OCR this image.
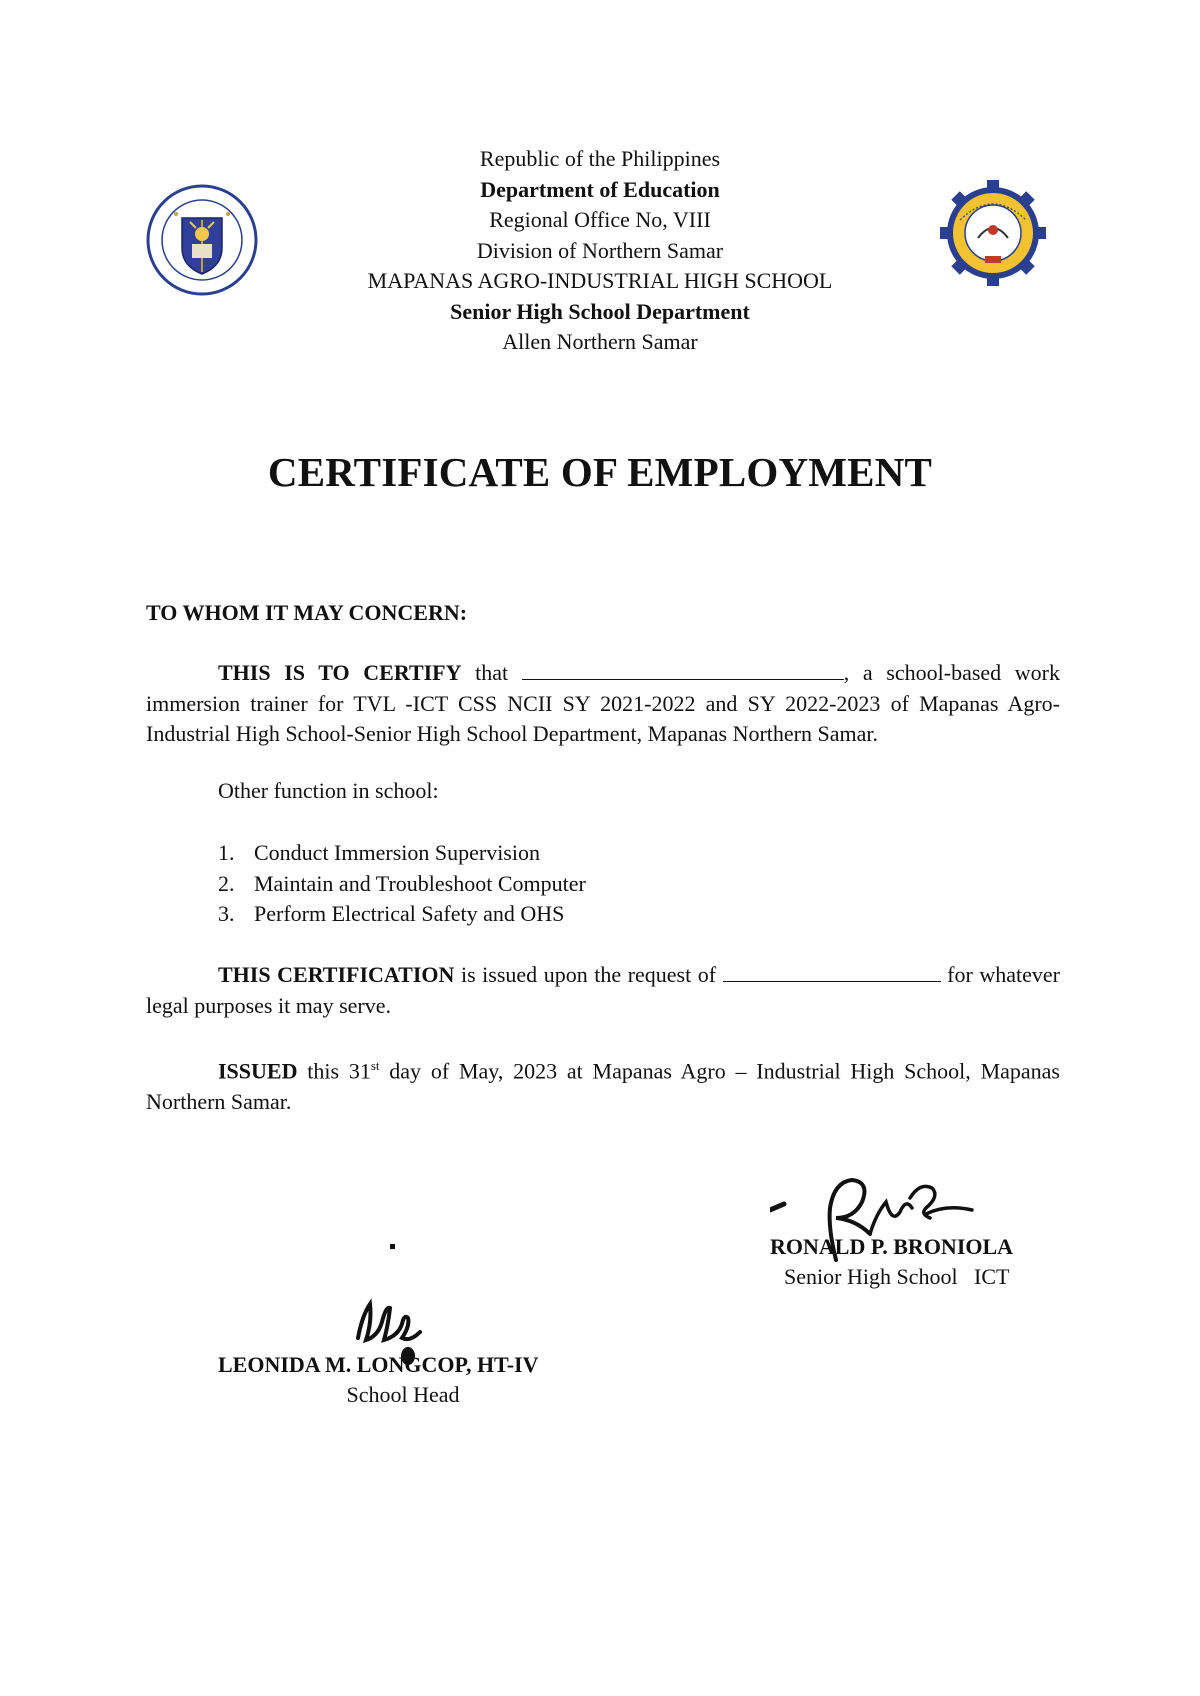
Republic of the Philippines
Department of Education
Regional Office No, VIII
Division of Northern Samar
MAPANAS AGRO-INDUSTRIAL HIGH SCHOOL
Senior High School Department
Allen Northern Samar
CERTIFICATE OF EMPLOYMENT
TO WHOM IT MAY CONCERN:
THIS IS TO CERTIFY that	, a school-based work immersion trainer for TVL -ICT CSS NCII SY 2021-2022 and SY 2022-2023 of Mapanas Agro-Industrial High School-Senior High School Department, Mapanas Northern Samar.
Other function in school:
1. Conduct Immersion Supervision
2. Maintain and Troubleshoot Computer
3. Perform Electrical Safety and OHS
THIS CERTIFICATION is issued upon the request of	for whatever legal purposes it may serve.
ISSUED this 31st day of May, 2023 at Mapanas Agro – Industrial High School, Mapanas Northern Samar.
RONALD P. BRONIOLA
Senior High School   ICT
LEONIDA M. LONGCOP, HT-IV
School Head
